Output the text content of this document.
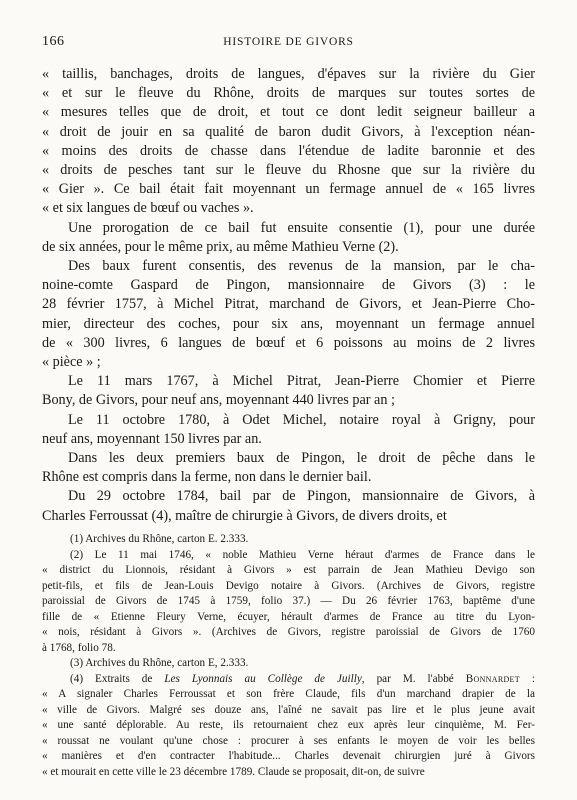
166	HISTOIRE DE GIVORS
« taillis, banchages, droits de langues, d'épaves sur la rivière du Gier
« et sur le fleuve du Rhône, droits de marques sur toutes sortes de
« mesures telles que de droit, et tout ce dont ledit seigneur bailleur a
« droit de jouir en sa qualité de baron dudit Givors, à l'exception néan-
« moins des droits de chasse dans l'étendue de ladite baronnie et des
« droits de pesches tant sur le fleuve du Rhosne que sur la rivière du
« Gier ». Ce bail était fait moyennant un fermage annuel de « 165 livres
« et six langues de bœuf ou vaches ».
Une prorogation de ce bail fut ensuite consentie (1), pour une durée
de six années, pour le même prix, au même Mathieu Verne (2).
Des baux furent consentis, des revenus de la mansion, par le cha-
noine-comte Gaspard de Pingon, mansionnaire de Givors (3) : le
28 février 1757, à Michel Pitrat, marchand de Givors, et Jean-Pierre Cho-
mier, directeur des coches, pour six ans, moyennant un fermage annuel
de « 300 livres, 6 langues de bœuf et 6 poissons au moins de 2 livres
« pièce » ;
Le 11 mars 1767, à Michel Pitrat, Jean-Pierre Chomier et Pierre
Bony, de Givors, pour neuf ans, moyennant 440 livres par an ;
Le 11 octobre 1780, à Odet Michel, notaire royal à Grigny, pour
neuf ans, moyennant 150 livres par an.
Dans les deux premiers baux de Pingon, le droit de pêche dans le
Rhône est compris dans la ferme, non dans le dernier bail.
Du 29 octobre 1784, bail par de Pingon, mansionnaire de Givors, à
Charles Ferroussat (4), maître de chirurgie à Givors, de divers droits, et
(1) Archives du Rhône, carton E. 2.333.
(2) Le 11 mai 1746, « noble Mathieu Verne héraut d'armes de France dans le
« district du Lionnois, résidant à Givors » est parrain de Jean Mathieu Devigo son
petit-fils, et fils de Jean-Louis Devigo notaire à Givors. (Archives de Givors, registre
paroissial de Givors de 1745 à 1759, folio 37.) — Du 26 février 1763, baptême d'une
fille de « Etienne Fleury Verne, écuyer, hérault d'armes de France au titre du Lyon-
« nois, résidant à Givors ». (Archives de Givors, registre paroissial de Givors de 1760
à 1768, folio 78.
(3) Archives du Rhône, carton E, 2.333.
(4) Extraits de Les Lyonnais au Collège de Juilly, par M. l'abbé Bonnardet :
« A signaler Charles Ferroussat et son frère Claude, fils d'un marchand drapier de la
« ville de Givors. Malgré ses douze ans, l'aîné ne savait pas lire et le plus jeune avait
« une santé déplorable. Au reste, ils retournaient chez eux après leur cinquième, M. Fer-
« roussat ne voulant qu'une chose : procurer à ses enfants le moyen de voir les belles
« manières et d'en contracter l'habitude... Charles devenait chirurgien juré à Givors
« et mourait en cette ville le 23 décembre 1789. Claude se proposait, dit-on, de suivre
